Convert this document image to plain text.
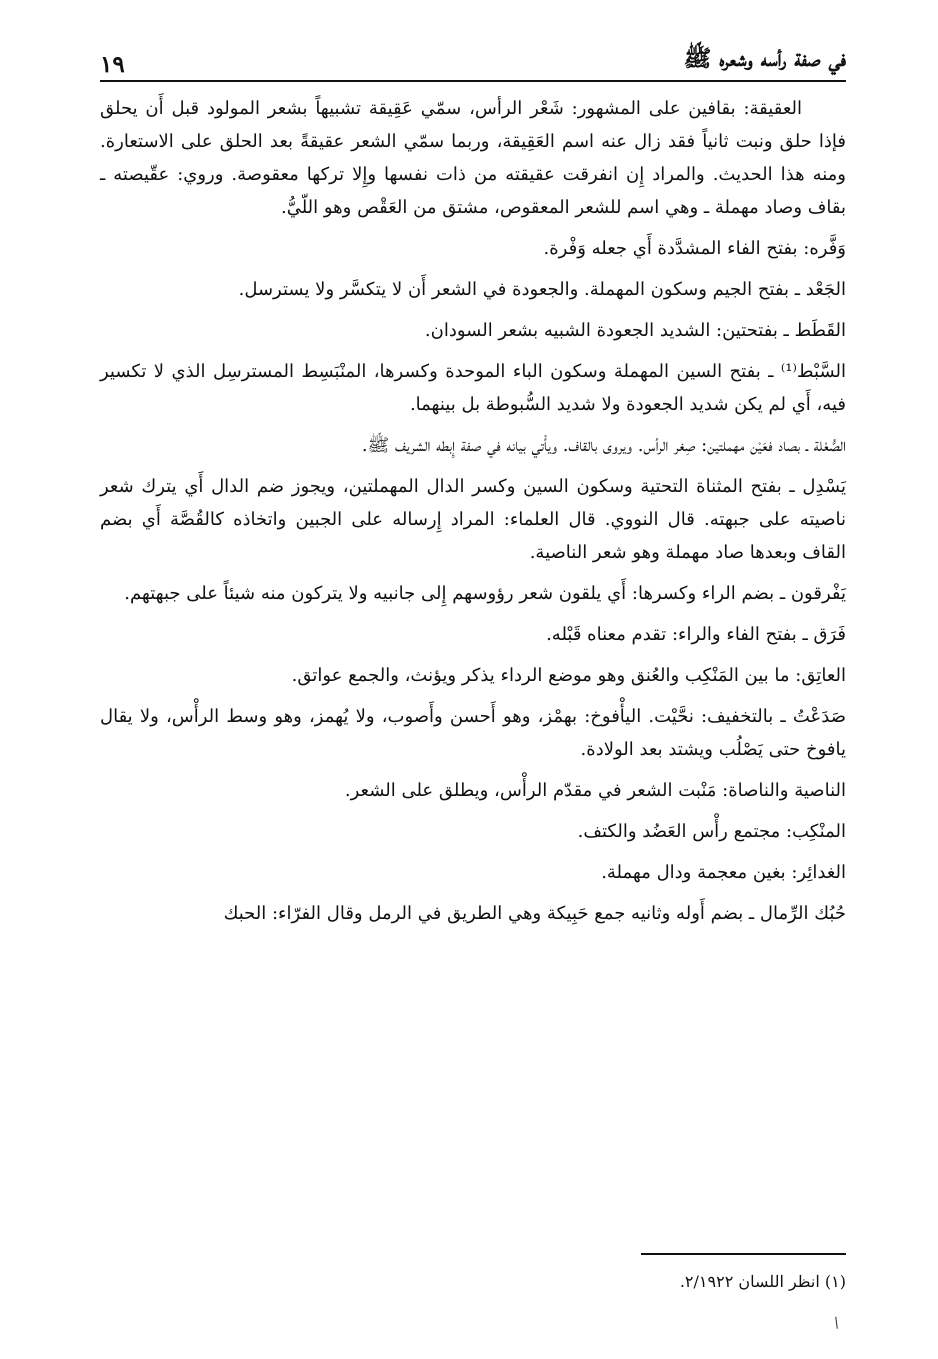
في صفة رأسه وشعره ﷺ
١٩

العقيقة: بقافين على المشهور: شَعْر الرأس، سمّي عَقِيقة تشبيهاً بشعر المولود قبل أَن يحلق فإذا حلق ونبت ثانياً فقد زال عنه اسم العَقِيقة، وربما سمّي الشعر عقيقةً بعد الحلق على الاستعارة. ومنه هذا الحديث. والمراد إِن انفرقت عقيقته من ذات نفسها وإِلا تركها معقوصة. وروي: عقّيصته ـ بقاف وصاد مهملة ـ وهي اسم للشعر المعقوص، مشتق من العَقْص وهو اللّيُّ.

وَفَّره: بفتح الفاء المشدَّدة أَي جعله وَفْرة.

الجَعْد ـ بفتح الجيم وسكون المهملة. والجعودة في الشعر أَن لا يتكسَّر ولا يسترسل.

القَطَط ـ بفتحتين: الشديد الجعودة الشبيه بشعر السودان.

السَّبْط⁽¹⁾ ـ بفتح السين المهملة وسكون الباء الموحدة وكسرها، المنْبَسِط المسترسِل الذي لا تكسير فيه، أَي لم يكن شديد الجعودة ولا شديد السُّبوطة بل بينهما.

الصُّعْلة ـ بصاد فعَيْن مهملتين: صِغر الرأس. ويروى بالقاف. ويأْتي بيانه في صفة إِبطه الشريف ﷺ.

يَسْدِل ـ بفتح المثناة التحتية وسكون السين وكسر الدال المهملتين، ويجوز ضم الدال أَي يترك شعر ناصيته على جبهته. قال النووي. قال العلماء: المراد إِرساله على الجبين واتخاذه كالقُصَّة أَي بضم القاف وبعدها صاد مهملة وهو شعر الناصية.

يَفْرقون ـ بضم الراء وكسرها: أَي يلقون شعر رؤوسهم إِلى جانبيه ولا يتركون منه شيئاً على جبهتهم.

فَرَق ـ بفتح الفاء والراء: تقدم معناه قَبْله.

العاتِق: ما بين المَنْكِب والعُنق وهو موضع الرداء يذكر ويؤنث، والجمع عواتق.

صَدَعْتُ ـ بالتخفيف: نحَّيْت. اليأْفوخ: بهمْز، وهو أَحسن وأَصوب، ولا يُهمز، وهو وسط الرأْس، ولا يقال يافوخ حتى يَصْلُب ويشتد بعد الولادة.

الناصية والناصاة: مَنْبت الشعر في مقدّم الرأْس، ويطلق على الشعر.

المنْكِب: مجتمع رأْس العَضُد والكتف.

الغدائِر: بغين معجمة ودال مهملة.

حُبُك الرِّمال ـ بضم أَوله وثانيه جمع حَبِيكة وهي الطريق في الرمل وقال الفرّاء: الحبك

(١) انظر اللسان ٢/١٩٢٢.
/
